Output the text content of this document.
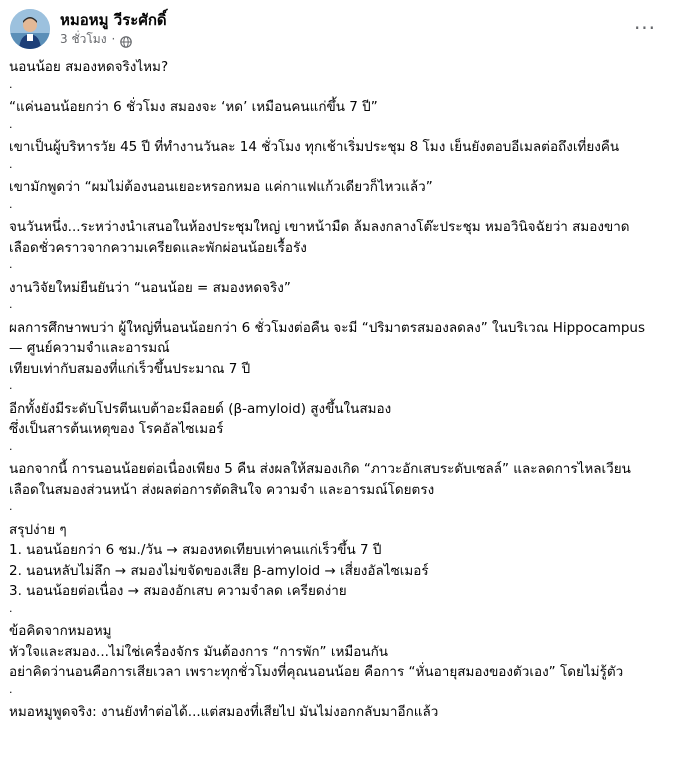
หมอหมู วีระศักดิ์
3 ชั่วโมง ·	···
นอนน้อย สมองหดจริงไหม?
.
“แค่นอนน้อยกว่า 6 ชั่วโมง สมองจะ ‘หด’ เหมือนคนแก่ขึ้น 7 ปี”
.
เขาเป็นผู้บริหารวัย 45 ปี ที่ทำงานวันละ 14 ชั่วโมง ทุกเช้าเริ่มประชุม 8 โมง เย็นยังตอบอีเมลต่อถึงเที่ยงคืน
.
เขามักพูดว่า “ผมไม่ต้องนอนเยอะหรอกหมอ แค่กาแฟแก้วเดียวก็ไหวแล้ว”
.
จนวันหนึ่ง...ระหว่างนำเสนอในห้องประชุมใหญ่ เขาหน้ามืด ล้มลงกลางโต๊ะประชุม หมอวินิจฉัยว่า สมองขาด
เลือดชั่วคราวจากความเครียดและพักผ่อนน้อยเรื้อรัง
.
งานวิจัยใหม่ยืนยันว่า “นอนน้อย = สมองหดจริง”
.
ผลการศึกษาพบว่า ผู้ใหญ่ที่นอนน้อยกว่า 6 ชั่วโมงต่อคืน จะมี “ปริมาตรสมองลดลง” ในบริเวณ Hippocampus
— ศูนย์ความจำและอารมณ์
เทียบเท่ากับสมองที่แก่เร็วขึ้นประมาณ 7 ปี
.
อีกทั้งยังมีระดับโปรตีนเบต้าอะมีลอยด์ (β-amyloid) สูงขึ้นในสมอง
ซึ่งเป็นสารต้นเหตุของ โรคอัลไซเมอร์
.
นอกจากนี้ การนอนน้อยต่อเนื่องเพียง 5 คืน ส่งผลให้สมองเกิด “ภาวะอักเสบระดับเซลล์” และลดการไหลเวียน
เลือดในสมองส่วนหน้า ส่งผลต่อการตัดสินใจ ความจำ และอารมณ์โดยตรง
.
สรุปง่าย ๆ
1. นอนน้อยกว่า 6 ชม./วัน → สมองหดเทียบเท่าคนแก่เร็วขึ้น 7 ปี
2. นอนหลับไม่ลึก → สมองไม่ขจัดของเสีย β-amyloid → เสี่ยงอัลไซเมอร์
3. นอนน้อยต่อเนื่อง → สมองอักเสบ ความจำลด เครียดง่าย
.
ข้อคิดจากหมอหมู
หัวใจและสมอง...ไม่ใช่เครื่องจักร มันต้องการ “การพัก” เหมือนกัน
อย่าคิดว่านอนคือการเสียเวลา เพราะทุกชั่วโมงที่คุณนอนน้อย คือการ “หั่นอายุสมองของตัวเอง” โดยไม่รู้ตัว
.
หมอหมูพูดจริง: งานยังทำต่อได้...แต่สมองที่เสียไป มันไม่งอกกลับมาอีกแล้ว
